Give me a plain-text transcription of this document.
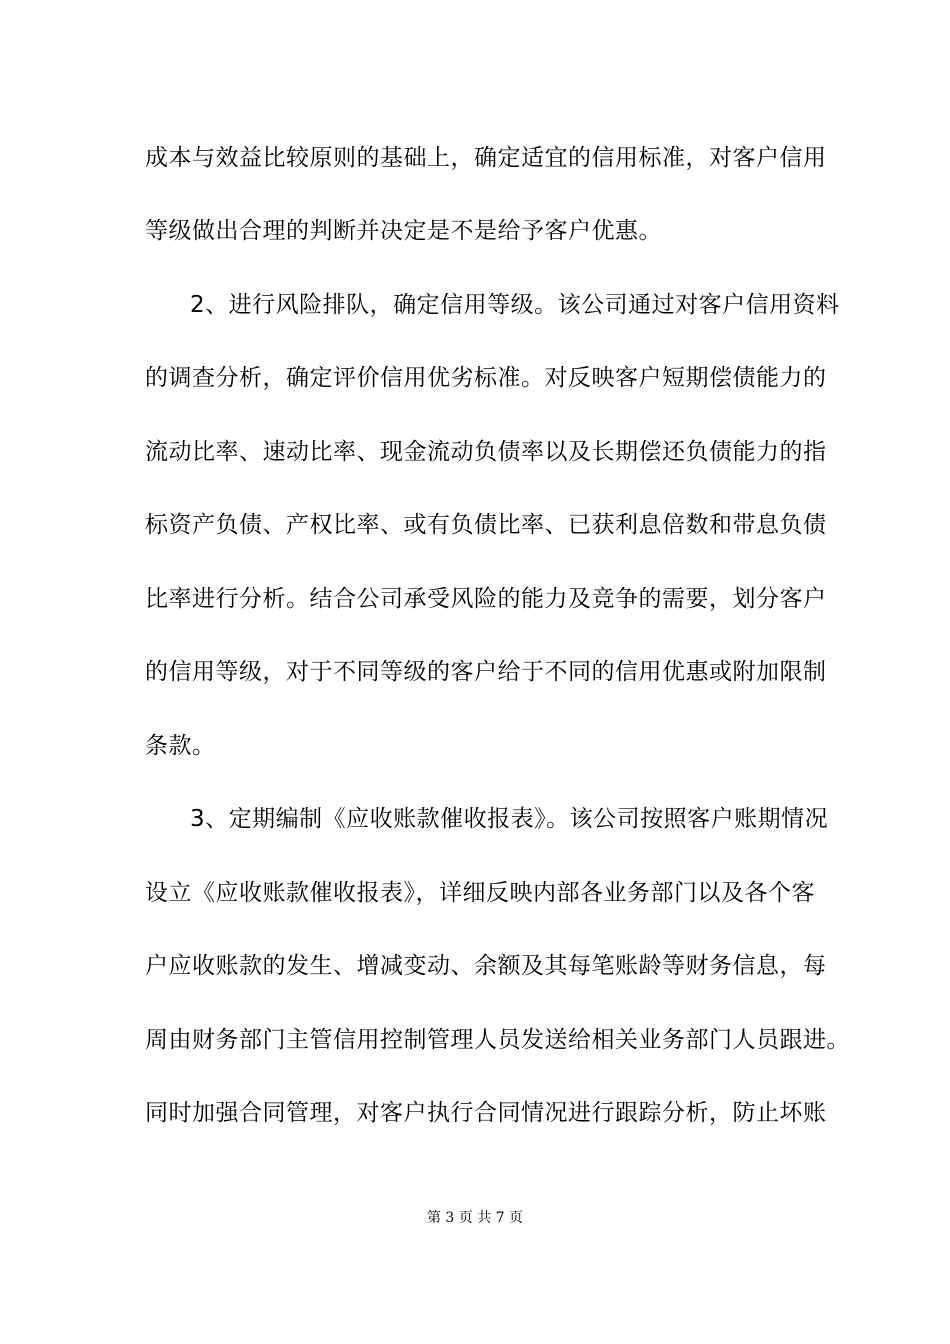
成本与效益比较原则的基础上，确定适宜的信用标准，对客户信用
等级做出合理的判断并决定是不是给予客户优惠。
2、进行风险排队，确定信用等级。该公司通过对客户信用资料
的调查分析，确定评价信用优劣标准。对反映客户短期偿债能力的
流动比率、速动比率、现金流动负债率以及长期偿还负债能力的指
标资产负债、产权比率、或有负债比率、已获利息倍数和带息负债
比率进行分析。结合公司承受风险的能力及竞争的需要，划分客户
的信用等级，对于不同等级的客户给于不同的信用优惠或附加限制
条款。
3、定期编制《应收账款催收报表》。该公司按照客户账期情况
设立《应收账款催收报表》，详细反映内部各业务部门以及各个客
户应收账款的发生、增减变动、余额及其每笔账龄等财务信息，每
周由财务部门主管信用控制管理人员发送给相关业务部门人员跟进。
同时加强合同管理，对客户执行合同情况进行跟踪分析，防止坏账
第 3 页 共 7 页
